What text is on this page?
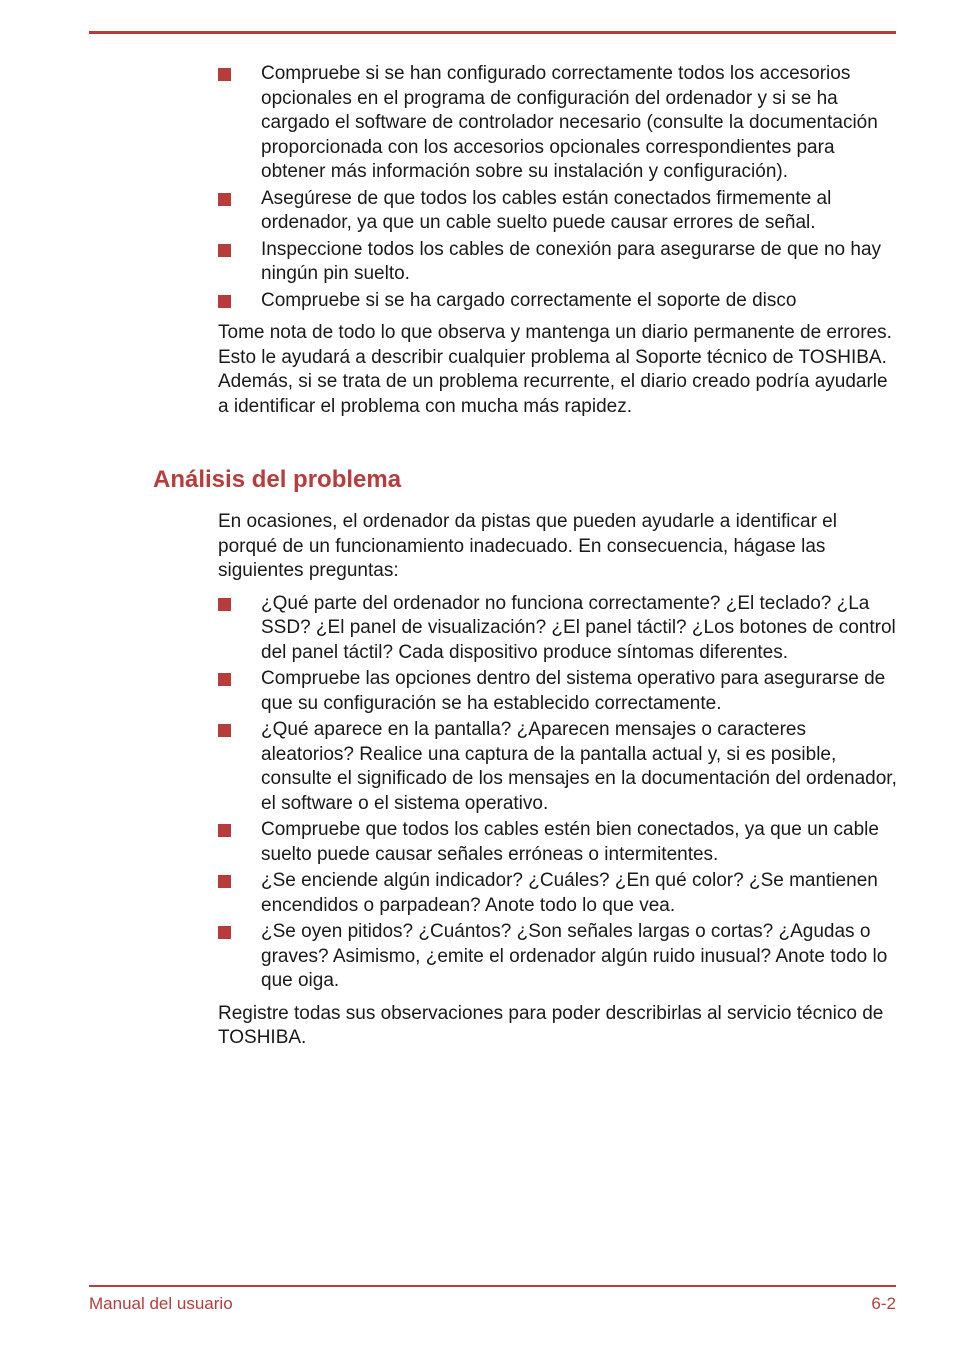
Compruebe si se han configurado correctamente todos los accesorios opcionales en el programa de configuración del ordenador y si se ha cargado el software de controlador necesario (consulte la documentación proporcionada con los accesorios opcionales correspondientes para obtener más información sobre su instalación y configuración).
Asegúrese de que todos los cables están conectados firmemente al ordenador, ya que un cable suelto puede causar errores de señal.
Inspeccione todos los cables de conexión para asegurarse de que no hay ningún pin suelto.
Compruebe si se ha cargado correctamente el soporte de disco

Tome nota de todo lo que observa y mantenga un diario permanente de errores. Esto le ayudará a describir cualquier problema al Soporte técnico de TOSHIBA. Además, si se trata de un problema recurrente, el diario creado podría ayudarle a identificar el problema con mucha más rapidez.

Análisis del problema

En ocasiones, el ordenador da pistas que pueden ayudarle a identificar el porqué de un funcionamiento inadecuado. En consecuencia, hágase las siguientes preguntas:

¿Qué parte del ordenador no funciona correctamente? ¿El teclado? ¿La SSD? ¿El panel de visualización? ¿El panel táctil? ¿Los botones de control del panel táctil? Cada dispositivo produce síntomas diferentes.
Compruebe las opciones dentro del sistema operativo para asegurarse de que su configuración se ha establecido correctamente.
¿Qué aparece en la pantalla? ¿Aparecen mensajes o caracteres aleatorios? Realice una captura de la pantalla actual y, si es posible, consulte el significado de los mensajes en la documentación del ordenador, el software o el sistema operativo.
Compruebe que todos los cables estén bien conectados, ya que un cable suelto puede causar señales erróneas o intermitentes.
¿Se enciende algún indicador? ¿Cuáles? ¿En qué color? ¿Se mantienen encendidos o parpadean? Anote todo lo que vea.
¿Se oyen pitidos? ¿Cuántos? ¿Son señales largas o cortas? ¿Agudas o graves? Asimismo, ¿emite el ordenador algún ruido inusual? Anote todo lo que oiga.

Registre todas sus observaciones para poder describirlas al servicio técnico de TOSHIBA.

Manual del usuario	6-2
